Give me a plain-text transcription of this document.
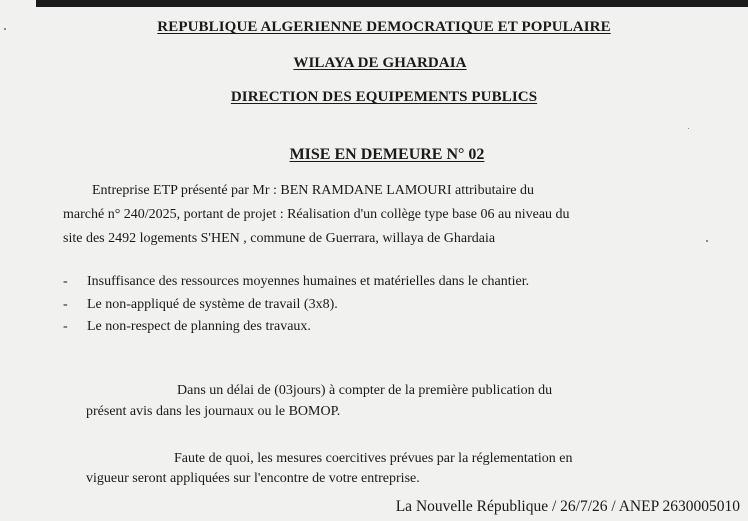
REPUBLIQUE ALGERIENNE DEMOCRATIQUE ET POPULAIRE
WILAYA DE GHARDAIA
DIRECTION DES EQUIPEMENTS PUBLICS
MISE EN DEMEURE N° 02
Entreprise ETP présenté par Mr : BEN RAMDANE LAMOURI attributaire du
marché n° 240/2025, portant de projet : Réalisation d'un collège type base 06 au niveau du
site des 2492 logements S'HEN , commune de Guerrara, willaya de Ghardaia
- Insuffisance des ressources moyennes humaines et matérielles dans le chantier.
- Le non-appliqué de système de travail (3x8).
- Le non-respect de planning des travaux.
Dans un délai de (03jours) à compter de la première publication du
présent avis dans les journaux ou le BOMOP.
Faute de quoi, les mesures coercitives prévues par la réglementation en
vigueur seront appliquées sur l'encontre de votre entreprise.
La Nouvelle République / 26/7/26 / ANEP 2630005010
